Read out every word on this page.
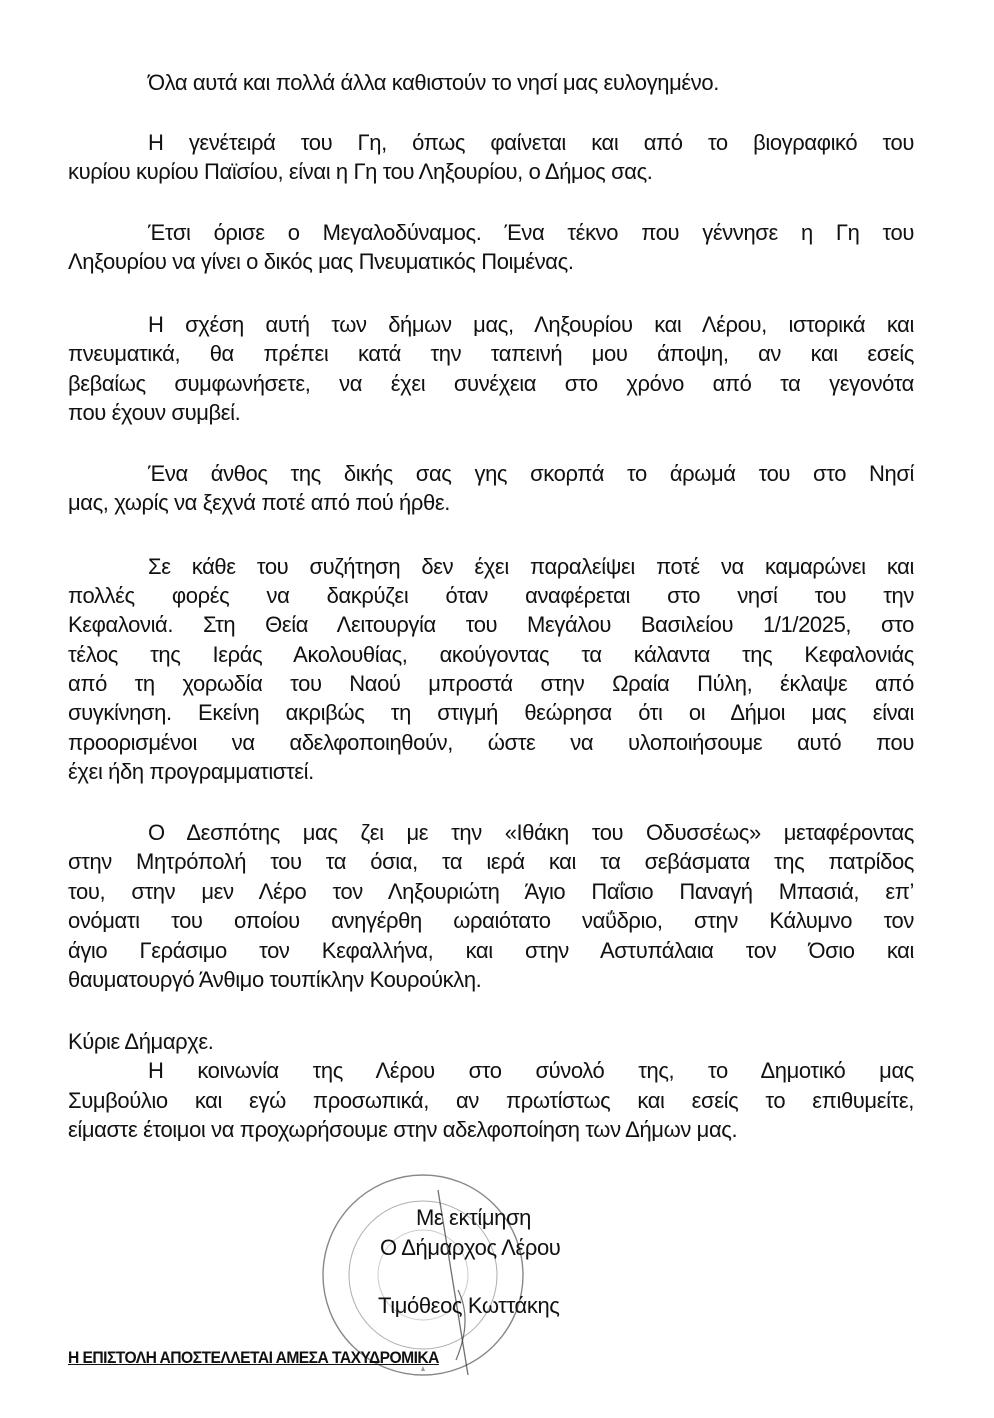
Όλα αυτά και πολλά άλλα καθιστούν το νησί μας ευλογημένο.
Η γενέτειρά του Γη, όπως φαίνεται και από το βιογραφικό του
κυρίου κυρίου Παϊσίου, είναι η Γη του Ληξουρίου, ο Δήμος σας.
Έτσι όρισε ο Μεγαλοδύναμος. Ένα τέκνο που γέννησε η Γη του
Ληξουρίου να γίνει ο δικός μας Πνευματικός Ποιμένας.
Η σχέση αυτή των δήμων μας, Ληξουρίου και Λέρου, ιστορικά και
πνευματικά, θα πρέπει κατά την ταπεινή μου άποψη, αν και εσείς
βεβαίως συμφωνήσετε, να έχει συνέχεια στο χρόνο από τα γεγονότα
που έχουν συμβεί.
Ένα άνθος της δικής σας γης σκορπά το άρωμά του στο Νησί
μας, χωρίς να ξεχνά ποτέ από πού ήρθε.
Σε κάθε του συζήτηση δεν έχει παραλείψει ποτέ να καμαρώνει και
πολλές φορές να δακρύζει όταν αναφέρεται στο νησί του την
Κεφαλονιά. Στη Θεία Λειτουργία του Μεγάλου Βασιλείου 1/1/2025, στο
τέλος της Ιεράς Ακολουθίας, ακούγοντας τα κάλαντα της Κεφαλονιάς
από τη χορωδία του Ναού μπροστά στην Ωραία Πύλη, έκλαψε από
συγκίνηση. Εκείνη ακριβώς τη στιγμή θεώρησα ότι οι Δήμοι μας είναι
προορισμένοι να αδελφοποιηθούν, ώστε να υλοποιήσουμε αυτό που
έχει ήδη προγραμματιστεί.
Ο Δεσπότης μας ζει με την «Ιθάκη του Οδυσσέως» μεταφέροντας
στην Μητρόπολή του τα όσια, τα ιερά και τα σεβάσματα της πατρίδος
του, στην μεν Λέρο τον Ληξουριώτη Άγιο Παΐσιο Παναγή Μπασιά, επ’
ονόματι του οποίου ανηγέρθη ωραιότατο ναΰδριο, στην Κάλυμνο τον
άγιο Γεράσιμο τον Κεφαλλήνα, και στην Αστυπάλαια τον Όσιο και
θαυματουργό Άνθιμο τουπίκλην Κουρούκλη.
Κύριε Δήμαρχε.
Η κοινωνία της Λέρου στο σύνολό της, το Δημοτικό μας
Συμβούλιο και εγώ προσωπικά, αν πρωτίστως και εσείς το επιθυμείτε,
είμαστε έτοιμοι να προχωρήσουμε στην αδελφοποίηση των Δήμων μας.
Με εκτίμηση
Ο Δήμαρχος Λέρου
Τιμόθεος Κωττάκης
Η ΕΠΙΣΤΟΛΗ ΑΠΟΣΤΕΛΛΕΤΑΙ ΑΜΕΣΑ ΤΑΧΥΔΡΟΜΙΚΑ
